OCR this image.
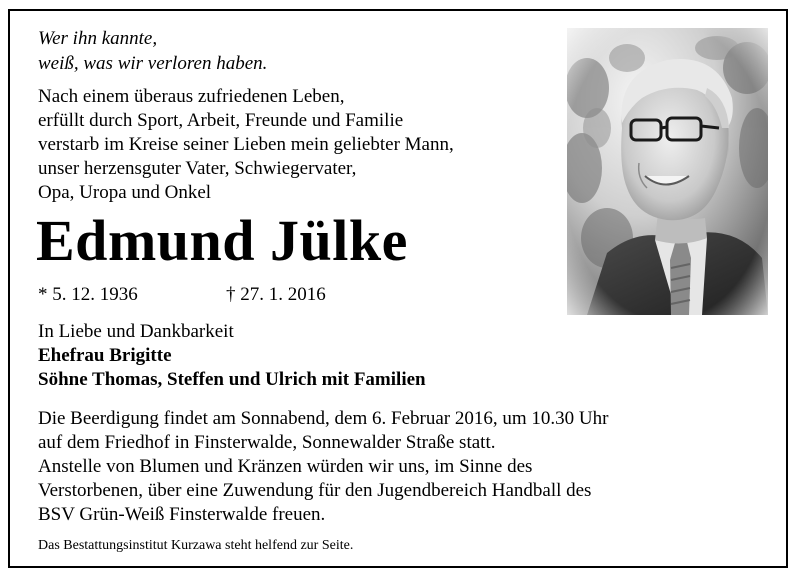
Wer ihn kannte,
weiß, was wir verloren haben.
Nach einem überaus zufriedenen Leben,
erfüllt durch Sport, Arbeit, Freunde und Familie
verstarb im Kreise seiner Lieben mein geliebter Mann,
unser herzensguter Vater, Schwiegervater,
Opa, Uropa und Onkel
Edmund Jülke
* 5. 12. 1936	† 27. 1. 2016
In Liebe und Dankbarkeit
Ehefrau Brigitte
Söhne Thomas, Steffen und Ulrich mit Familien
Die Beerdigung findet am Sonnabend, dem 6. Februar 2016, um 10.30 Uhr
auf dem Friedhof in Finsterwalde, Sonnewalder Straße statt.
Anstelle von Blumen und Kränzen würden wir uns, im Sinne des
Verstorbenen, über eine Zuwendung für den Jugendbereich Handball des
BSV Grün-Weiß Finsterwalde freuen.
Das Bestattungsinstitut Kurzawa steht helfend zur Seite.
